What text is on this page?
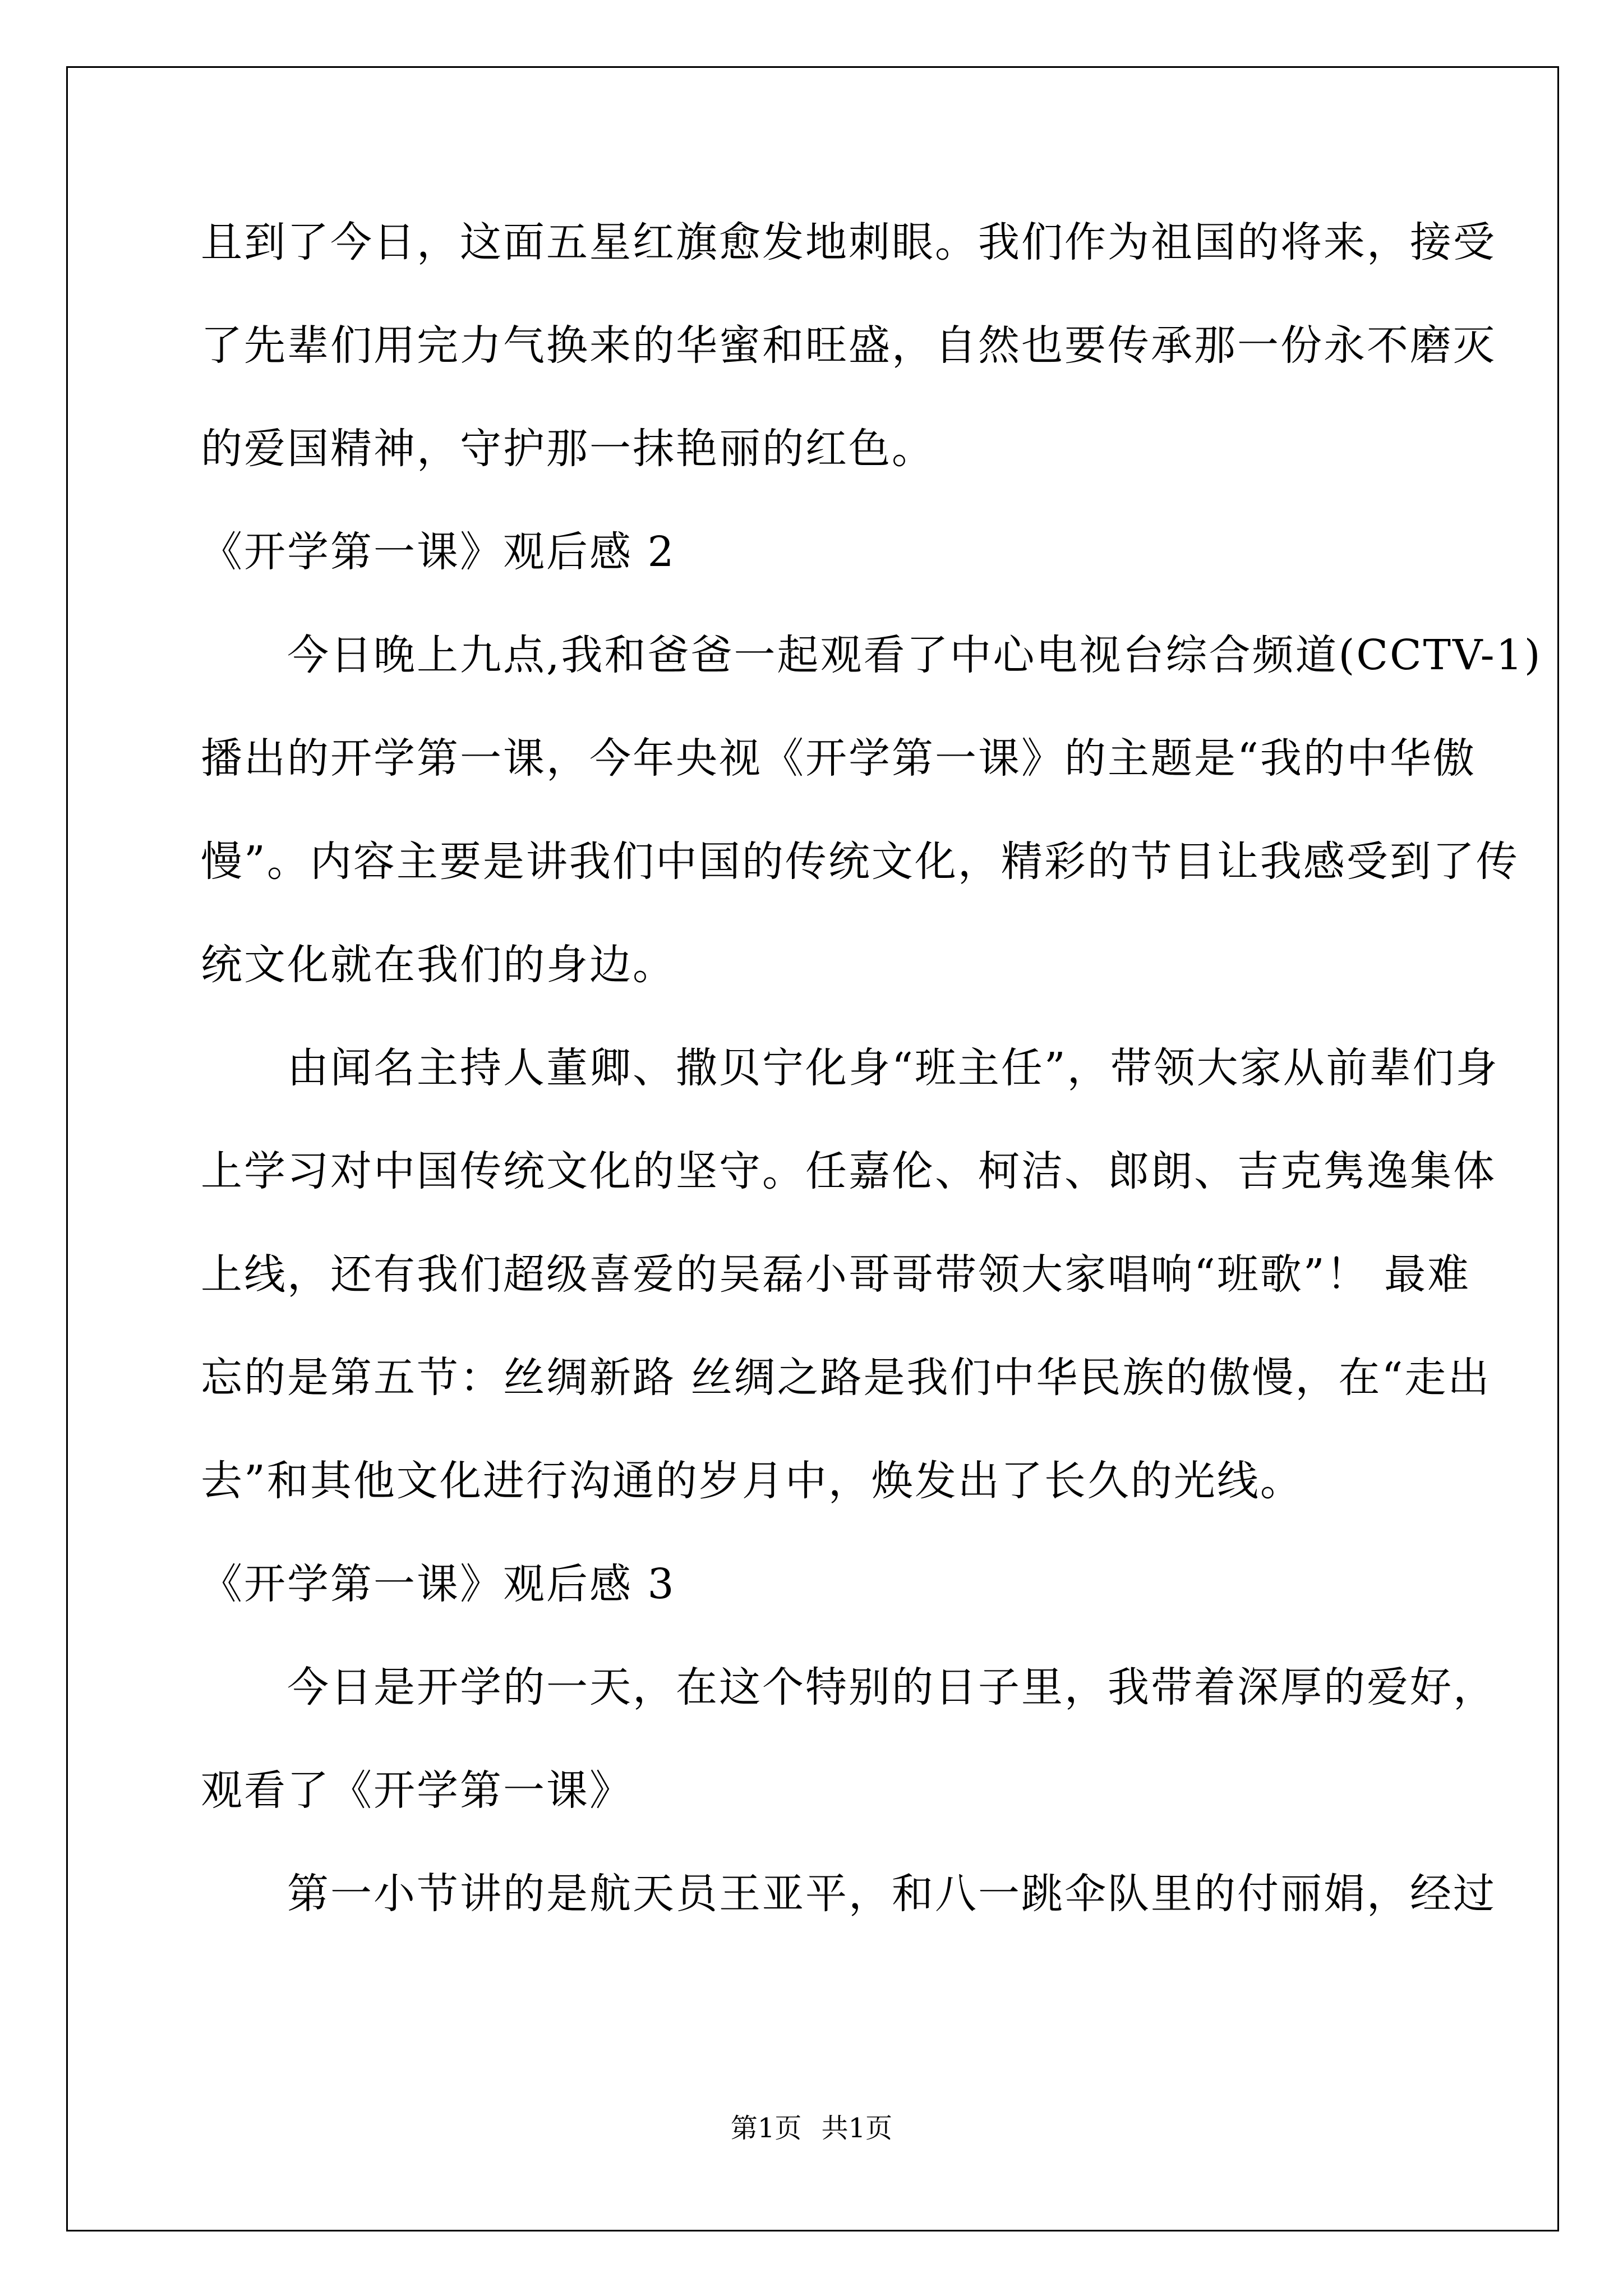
且到了今日，这面五星红旗愈发地刺眼。我们作为祖国的将来，接受

了先辈们用完力气换来的华蜜和旺盛，自然也要传承那一份永不磨灭

的爱国精神，守护那一抹艳丽的红色。

《开学第一课》观后感 2

　　今日晚上九点,我和爸爸一起观看了中心电视台综合频道(CCTV-1)

播出的开学第一课，今年央视《开学第一课》的主题是“我的中华傲

慢”。内容主要是讲我们中国的传统文化，精彩的节目让我感受到了传

统文化就在我们的身边。

　　由闻名主持人董卿、撒贝宁化身“班主任”，带领大家从前辈们身

上学习对中国传统文化的坚守。任嘉伦、柯洁、郎朗、吉克隽逸集体

上线，还有我们超级喜爱的吴磊小哥哥带领大家唱响“班歌”！ 最难

忘的是第五节：丝绸新路 丝绸之路是我们中华民族的傲慢，在“走出

去”和其他文化进行沟通的岁月中，焕发出了长久的光线。

《开学第一课》观后感 3

　　今日是开学的一天，在这个特别的日子里，我带着深厚的爱好，

观看了《开学第一课》

　　第一小节讲的是航天员王亚平，和八一跳伞队里的付丽娟，经过

第1页 共1页
